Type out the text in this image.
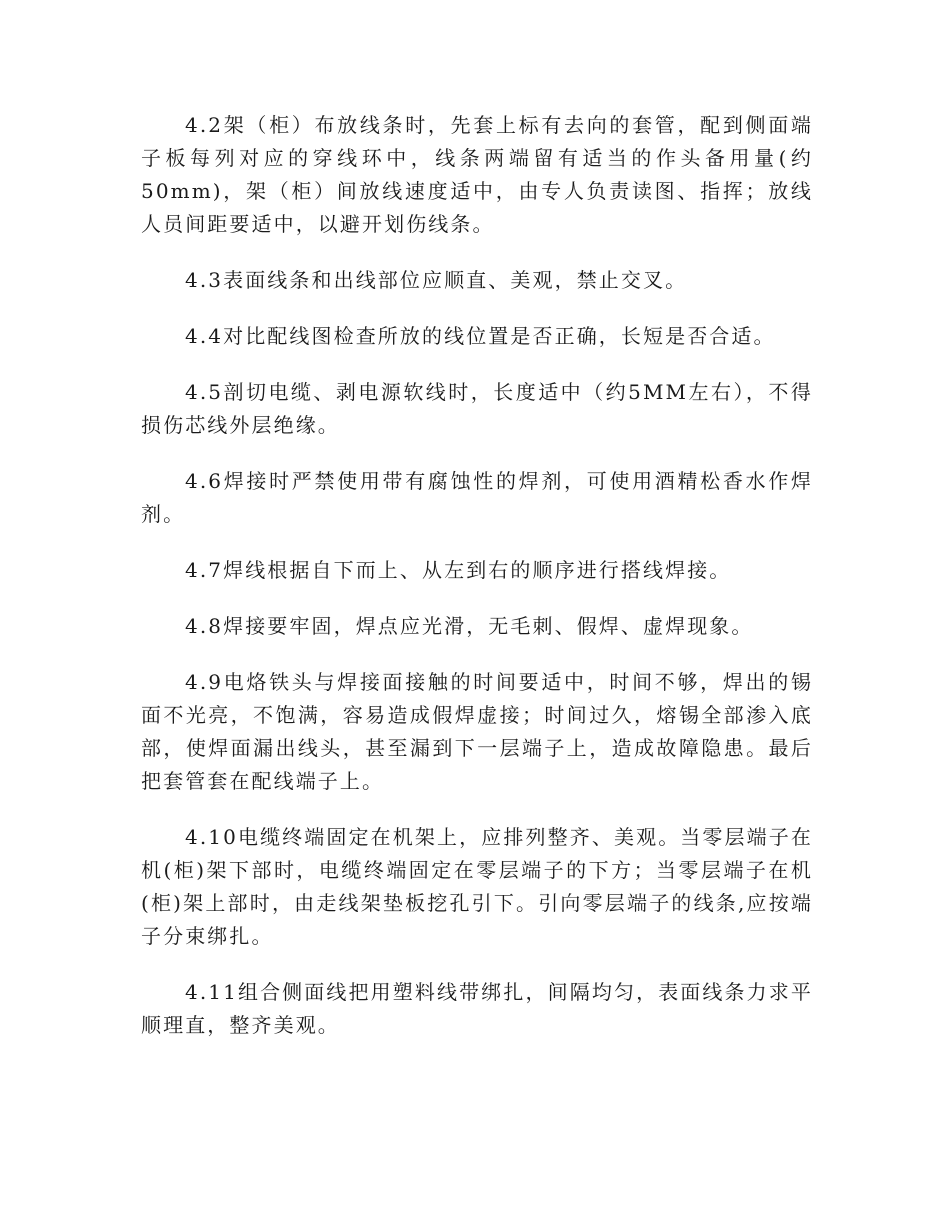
4.2架（柜）布放线条时，先套上标有去向的套管，配到侧面端子板每列对应的穿线环中，线条两端留有适当的作头备用量(约50mm)，架（柜）间放线速度适中，由专人负责读图、指挥；放线人员间距要适中，以避开划伤线条。

4.3表面线条和出线部位应顺直、美观，禁止交叉。

4.4对比配线图检查所放的线位置是否正确，长短是否合适。

4.5剖切电缆、剥电源软线时，长度适中（约5MM左右），不得损伤芯线外层绝缘。

4.6焊接时严禁使用带有腐蚀性的焊剂，可使用酒精松香水作焊剂。

4.7焊线根据自下而上、从左到右的顺序进行搭线焊接。

4.8焊接要牢固，焊点应光滑，无毛刺、假焊、虚焊现象。

4.9电烙铁头与焊接面接触的时间要适中，时间不够，焊出的锡面不光亮，不饱满，容易造成假焊虚接；时间过久，熔锡全部渗入底部，使焊面漏出线头，甚至漏到下一层端子上，造成故障隐患。最后把套管套在配线端子上。

4.10电缆终端固定在机架上，应排列整齐、美观。当零层端子在机(柜)架下部时，电缆终端固定在零层端子的下方；当零层端子在机(柜)架上部时，由走线架垫板挖孔引下。引向零层端子的线条,应按端子分束绑扎。

4.11组合侧面线把用塑料线带绑扎，间隔均匀，表面线条力求平顺理直，整齐美观。
